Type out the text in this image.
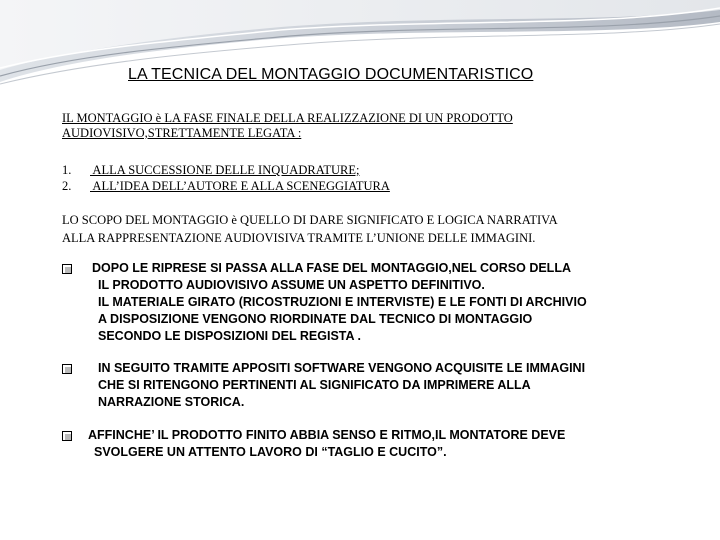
LA TECNICA DEL MONTAGGIO DOCUMENTARISTICO
IL MONTAGGIO è LA FASE FINALE DELLA REALIZZAZIONE DI UN PRODOTTO
AUDIOVISIVO,STRETTAMENTE LEGATA :
1. ALLA SUCCESSIONE DELLE INQUADRATURE;
2. ALL’IDEA DELL’AUTORE E ALLA SCENEGGIATURA
LO SCOPO DEL MONTAGGIO è QUELLO DI DARE SIGNIFICATO E LOGICA NARRATIVA
ALLA RAPPRESENTAZIONE AUDIOVISIVA TRAMITE L’UNIONE DELLE IMMAGINI.
DOPO LE RIPRESE SI PASSA ALLA FASE DEL MONTAGGIO,NEL CORSO DELLA
IL PRODOTTO AUDIOVISIVO ASSUME UN ASPETTO DEFINITIVO.
IL MATERIALE GIRATO (RICOSTRUZIONI E INTERVISTE) E LE FONTI DI ARCHIVIO
A DISPOSIZIONE VENGONO RIORDINATE DAL TECNICO DI MONTAGGIO
SECONDO LE DISPOSIZIONI DEL REGISTA .
IN SEGUITO TRAMITE APPOSITI SOFTWARE VENGONO ACQUISITE LE IMMAGINI
CHE SI RITENGONO PERTINENTI AL SIGNIFICATO DA IMPRIMERE ALLA
NARRAZIONE STORICA.
AFFINCHE’ IL PRODOTTO FINITO ABBIA SENSO E RITMO,IL MONTATORE DEVE
SVOLGERE UN ATTENTO LAVORO DI “TAGLIO E CUCITO”.
